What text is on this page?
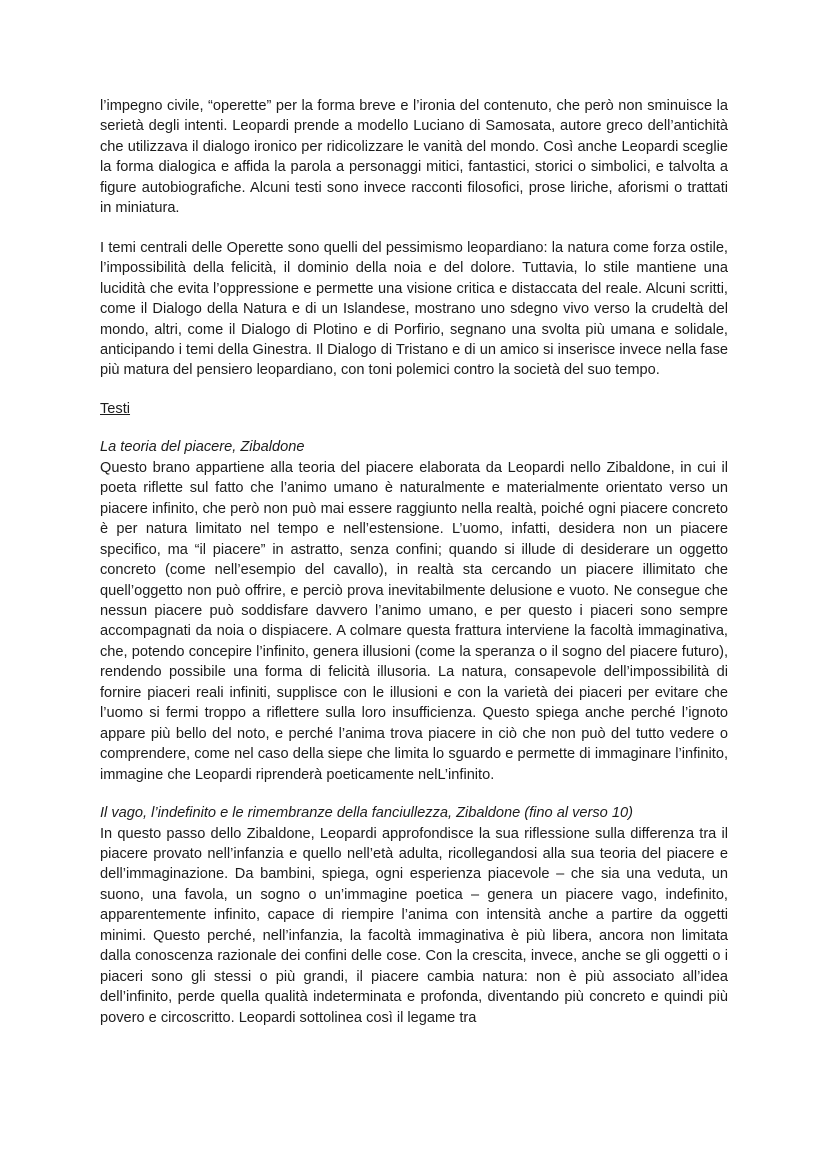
l’impegno civile, “operette” per la forma breve e l’ironia del contenuto, che però non sminuisce la serietà degli intenti. Leopardi prende a modello Luciano di Samosata, autore greco dell’antichità che utilizzava il dialogo ironico per ridicolizzare le vanità del mondo. Così anche Leopardi sceglie la forma dialogica e affida la parola a personaggi mitici, fantastici, storici o simbolici, e talvolta a figure autobiografiche. Alcuni testi sono invece racconti filosofici, prose liriche, aforismi o trattati in miniatura.

I temi centrali delle Operette sono quelli del pessimismo leopardiano: la natura come forza ostile, l’impossibilità della felicità, il dominio della noia e del dolore. Tuttavia, lo stile mantiene una lucidità che evita l’oppressione e permette una visione critica e distaccata del reale. Alcuni scritti, come il Dialogo della Natura e di un Islandese, mostrano uno sdegno vivo verso la crudeltà del mondo, altri, come il Dialogo di Plotino e di Porfirio, segnano una svolta più umana e solidale, anticipando i temi della Ginestra. Il Dialogo di Tristano e di un amico si inserisce invece nella fase più matura del pensiero leopardiano, con toni polemici contro la società del suo tempo.

Testi

La teoria del piacere, Zibaldone

Questo brano appartiene alla teoria del piacere elaborata da Leopardi nello Zibaldone, in cui il poeta riflette sul fatto che l’animo umano è naturalmente e materialmente orientato verso un piacere infinito, che però non può mai essere raggiunto nella realtà, poiché ogni piacere concreto è per natura limitato nel tempo e nell’estensione. L’uomo, infatti, desidera non un piacere specifico, ma “il piacere” in astratto, senza confini; quando si illude di desiderare un oggetto concreto (come nell’esempio del cavallo), in realtà sta cercando un piacere illimitato che quell’oggetto non può offrire, e perciò prova inevitabilmente delusione e vuoto. Ne consegue che nessun piacere può soddisfare davvero l’animo umano, e per questo i piaceri sono sempre accompagnati da noia o dispiacere. A colmare questa frattura interviene la facoltà immaginativa, che, potendo concepire l’infinito, genera illusioni (come la speranza o il sogno del piacere futuro), rendendo possibile una forma di felicità illusoria. La natura, consapevole dell’impossibilità di fornire piaceri reali infiniti, supplisce con le illusioni e con la varietà dei piaceri per evitare che l’uomo si fermi troppo a riflettere sulla loro insufficienza. Questo spiega anche perché l’ignoto appare più bello del noto, e perché l’anima trova piacere in ciò che non può del tutto vedere o comprendere, come nel caso della siepe che limita lo sguardo e permette di immaginare l’infinito, immagine che Leopardi riprenderà poeticamente nelL’infinito.

Il vago, l’indefinito e le rimembranze della fanciullezza, Zibaldone (fino al verso 10)

In questo passo dello Zibaldone, Leopardi approfondisce la sua riflessione sulla differenza tra il piacere provato nell’infanzia e quello nell’età adulta, ricollegandosi alla sua teoria del piacere e dell’immaginazione. Da bambini, spiega, ogni esperienza piacevole – che sia una veduta, un suono, una favola, un sogno o un’immagine poetica – genera un piacere vago, indefinito, apparentemente infinito, capace di riempire l’anima con intensità anche a partire da oggetti minimi. Questo perché, nell’infanzia, la facoltà immaginativa è più libera, ancora non limitata dalla conoscenza razionale dei confini delle cose. Con la crescita, invece, anche se gli oggetti o i piaceri sono gli stessi o più grandi, il piacere cambia natura: non è più associato all’idea dell’infinito, perde quella qualità indeterminata e profonda, diventando più concreto e quindi più povero e circoscritto. Leopardi sottolinea così il legame tra
